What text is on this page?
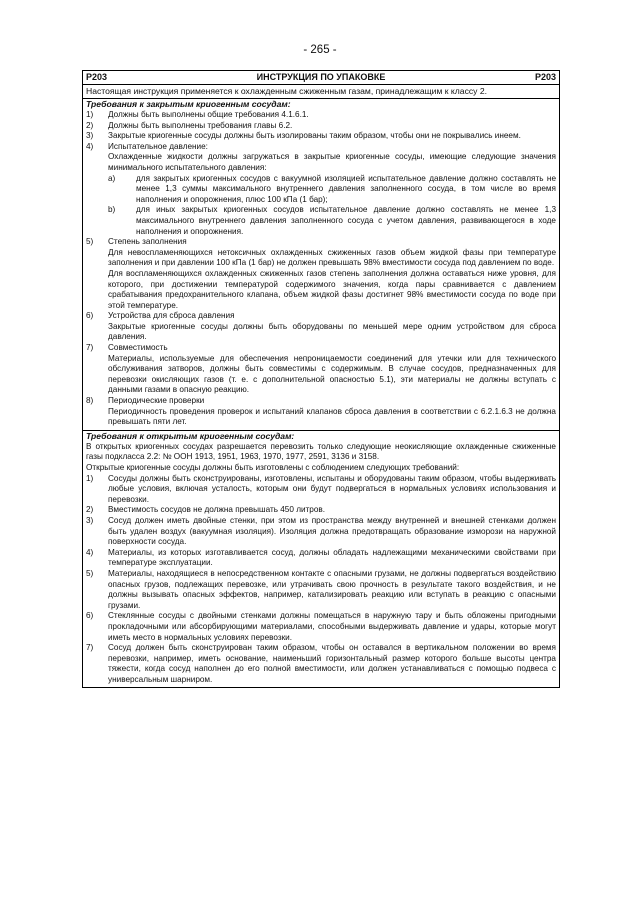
- 265 -
P203	ИНСТРУКЦИЯ ПО УПАКОВКЕ	P203
Настоящая инструкция применяется к охлажденным сжиженным газам, принадлежащим к классу 2.
Требования к закрытым криогенным сосудам:
1)	Должны быть выполнены общие требования 4.1.6.1.
2)	Должны быть выполнены требования главы 6.2.
3)	Закрытые криогенные сосуды должны быть изолированы таким образом, чтобы они не покрывались инеем.
4)	Испытательное давление:
Охлажденные жидкости должны загружаться в закрытые криогенные сосуды, имеющие следующие значения минимального испытательного давления:
a)	для закрытых криогенных сосудов с вакуумной изоляцией испытательное давление должно составлять не менее 1,3 суммы максимального внутреннего давления заполненного сосуда, в том числе во время наполнения и опорожнения, плюс 100 кПа (1 бар);
b)	для иных закрытых криогенных сосудов испытательное давление должно составлять не менее 1,3 максимального внутреннего давления заполненного сосуда с учетом давления, развивающегося в ходе наполнения и опорожнения.
5)	Степень заполнения
Для невоспламеняющихся нетоксичных охлажденных сжиженных газов объем жидкой фазы при температуре заполнения и при давлении 100 кПа (1 бар) не должен превышать 98% вместимости сосуда под давлением по воде.
Для воспламеняющихся охлажденных сжиженных газов степень заполнения должна оставаться ниже уровня, для которого, при достижении температурой содержимого значения, когда пары сравнивается с давлением срабатывания предохранительного клапана, объем жидкой фазы достигнет 98% вместимости сосуда по воде при этой температуре.
6)	Устройства для сброса давления
Закрытые криогенные сосуды должны быть оборудованы по меньшей мере одним устройством для сброса давления.
7)	Совместимость
Материалы, используемые для обеспечения непроницаемости соединений для утечки или для технического обслуживания затворов, должны быть совместимы с содержимым. В случае сосудов, предназначенных для перевозки окисляющих газов (т. е. с дополнительной опасностью 5.1), эти материалы не должны вступать с данными газами в опасную реакцию.
8)	Периодические проверки
Периодичность проведения проверок и испытаний клапанов сброса давления в соответствии с 6.2.1.6.3 не должна превышать пяти лет.
Требования к открытым криогенным сосудам:
В открытых криогенных сосудах разрешается перевозить только следующие неокисляющие охлажденные сжиженные газы подкласса 2.2: № ООН 1913, 1951, 1963, 1970, 1977, 2591, 3136 и 3158.
Открытые криогенные сосуды должны быть изготовлены с соблюдением следующих требований:
1)	Сосуды должны быть сконструированы, изготовлены, испытаны и оборудованы таким образом, чтобы выдерживать любые условия, включая усталость, которым они будут подвергаться в нормальных условиях использования и перевозки.
2)	Вместимость сосудов не должна превышать 450 литров.
3)	Сосуд должен иметь двойные стенки, при этом из пространства между внутренней и внешней стенками должен быть удален воздух (вакуумная изоляция). Изоляция должна предотвращать образование изморози на наружной поверхности сосуда.
4)	Материалы, из которых изготавливается сосуд, должны обладать надлежащими механическими свойствами при температуре эксплуатации.
5)	Материалы, находящиеся в непосредственном контакте с опасными грузами, не должны подвергаться воздействию опасных грузов, подлежащих перевозке, или утрачивать свою прочность в результате такого воздействия, и не должны вызывать опасных эффектов, например, катализировать реакцию или вступать в реакцию с опасными грузами.
6)	Стеклянные сосуды с двойными стенками должны помещаться в наружную тару и быть обложены пригодными прокладочными или абсорбирующими материалами, способными выдерживать давление и удары, которые могут иметь место в нормальных условиях перевозки.
7)	Сосуд должен быть сконструирован таким образом, чтобы он оставался в вертикальном положении во время перевозки, например, иметь основание, наименьший горизонтальный размер которого больше высоты центра тяжести, когда сосуд наполнен до его полной вместимости, или должен устанавливаться с помощью подвеса с универсальным шарниром.
